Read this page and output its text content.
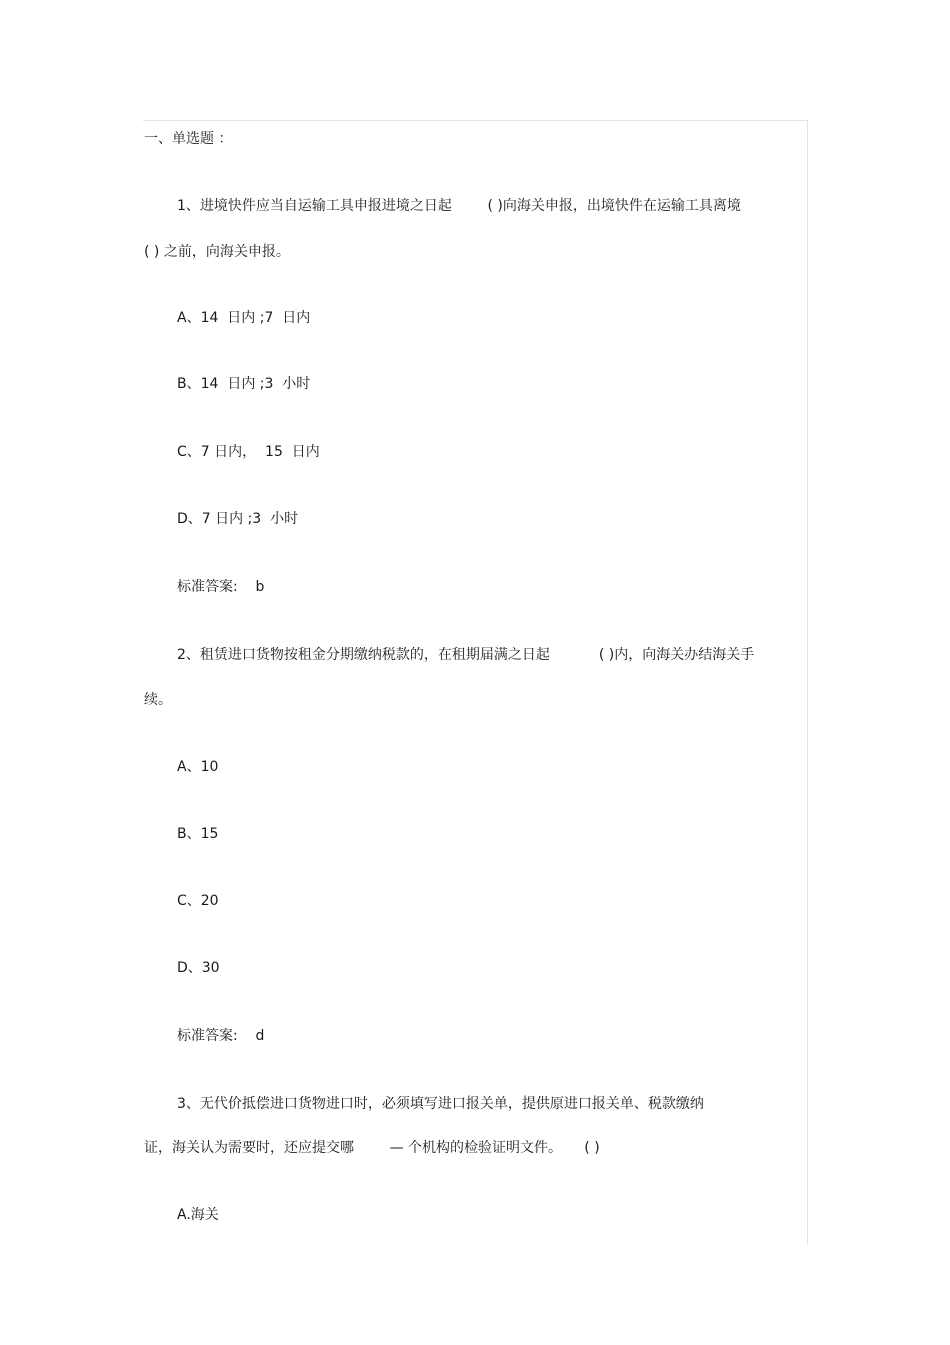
一、单选题 ：
1、进境快件应当自运输工具申报进境之日起        ( )向海关申报，出境快件在运输工具离境
( ) 之前，向海关申报。
A、14  日内 ;7  日内
B、14  日内 ;3  小时
C、7 日内，  15  日内
D、7 日内 ;3  小时
标准答案:    b
2、租赁进口货物按租金分期缴纳税款的，在租期届满之日起           ( )内，向海关办结海关手
续。
A、10
B、15
C、20
D、30
标准答案:    d
3、无代价抵偿进口货物进口时，必须填写进口报关单，提供原进口报关单、税款缴纳
证，海关认为需要时，还应提交哪        — 个机构的检验证明文件。     ( )
A.海关
